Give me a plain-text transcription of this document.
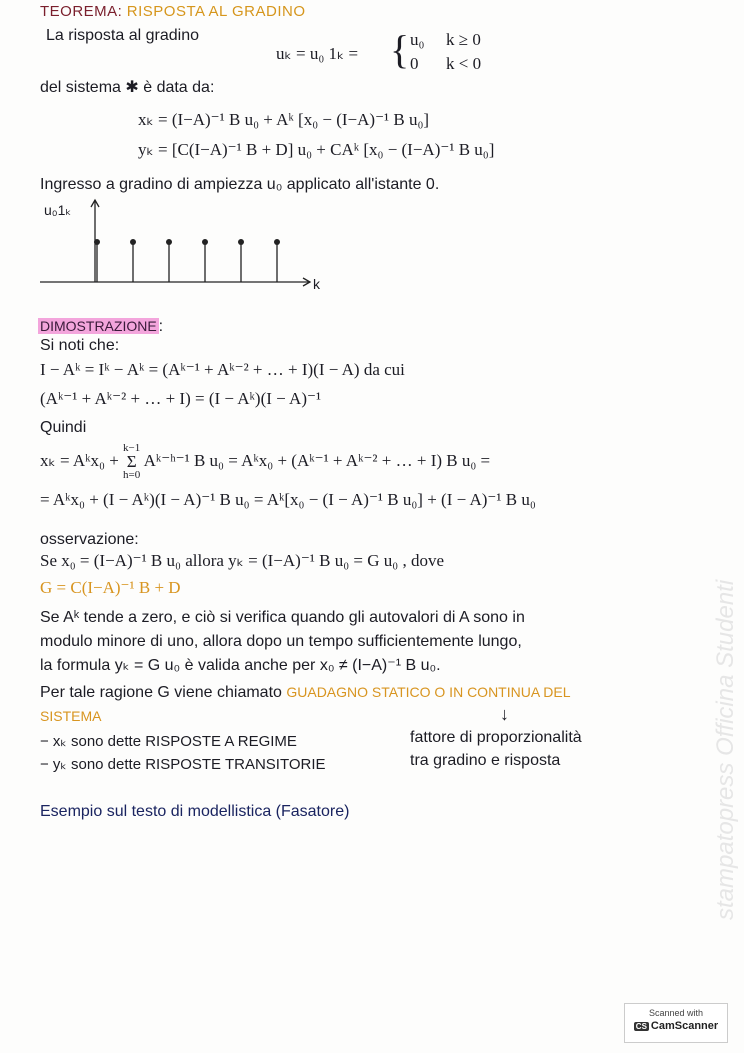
TEOREMA: RISPOSTA AL GRADINO
La risposta al gradino
uₖ = u₀ 1ₖ = { u₀ k ≥ 0
0 k < 0
del sistema ✱ è data da:
xₖ = (I−A)⁻¹ B u₀ + Aᵏ [x₀ − (I−A)⁻¹ B u₀]
yₖ = [C(I−A)⁻¹ B + D] u₀ + CAᵏ [x₀ − (I−A)⁻¹ B u₀]
Ingresso a gradino di ampiezza u₀ applicato all'istante 0.
u₀1ₖ
k
DIMOSTRAZIONE :
Si noti che:
I − Aᵏ = Iᵏ − Aᵏ = (Aᵏ⁻¹ + Aᵏ⁻² + … + I)(I − A) da cui
(Aᵏ⁻¹ + Aᵏ⁻² + … + I) = (I − Aᵏ)(I − A)⁻¹
Quindi
xₖ = Aᵏx₀ + k−1
Σ
h=0 Aᵏ⁻ʰ⁻¹ B u₀ = Aᵏx₀ + (Aᵏ⁻¹ + Aᵏ⁻² + … + I) B u₀ =
= Aᵏx₀ + (I − Aᵏ)(I − A)⁻¹ B u₀ = Aᵏ[x₀ − (I − A)⁻¹ B u₀] + (I − A)⁻¹ B u₀
stampatopress Officina Studenti
osservazione:
Se x₀ = (I−A)⁻¹ B u₀ allora yₖ = (I−A)⁻¹ B u₀ = G u₀ , dove
G = C(I−A)⁻¹ B + D
Se Aᵏ tende a zero, e ciò si verifica quando gli autovalori di A sono in
modulo minore di uno, allora dopo un tempo sufficientemente lungo,
la formula yₖ = G u₀ è valida anche per x₀ ≠ (I−A)⁻¹ B u₀.
Per tale ragione G viene chiamato GUADAGNO STATICO O IN CONTINUA DEL
SISTEMA	↓
− xₖ sono dette RISPOSTE A REGIME
− yₖ sono dette RISPOSTE TRANSITORIE
fattore di proporzionalità
tra gradino e risposta
Esempio sul testo di modellistica (Fasatore)
Scanned with
CS CamScanner
